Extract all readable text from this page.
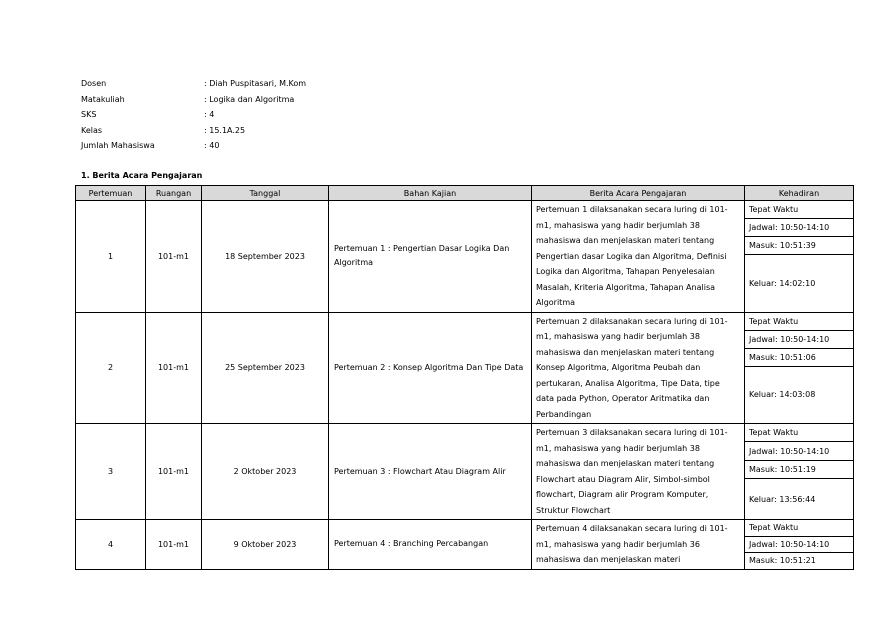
Dosen	: Diah Puspitasari, M.Kom
Matakuliah	: Logika dan Algoritma
SKS	: 4
Kelas	: 15.1A.25
Jumlah Mahasiswa	: 40
1. Berita Acara Pengajaran
Pertemuan	Ruangan	Tanggal	Bahan Kajian	Berita Acara Pengajaran	Kehadiran
1	101-m1	18 September 2023	Pertemuan 1 : Pengertian Dasar Logika Dan Algoritma	Pertemuan 1 dilaksanakan secara luring di 101-m1, mahasiswa yang hadir berjumlah 38 mahasiswa dan menjelaskan materi tentang Pengertian dasar Logika dan Algoritma, Definisi Logika dan Algoritma, Tahapan Penyelesaian Masalah, Kriteria Algoritma, Tahapan Analisa Algoritma	Tepat Waktu
					Jadwal: 10:50-14:10
					Masuk: 10:51:39
					Keluar: 14:02:10
2	101-m1	25 September 2023	Pertemuan 2 : Konsep Algoritma Dan Tipe Data	Pertemuan 2 dilaksanakan secara luring di 101-m1, mahasiswa yang hadir berjumlah 38 mahasiswa dan menjelaskan materi tentang Konsep Algoritma, Algoritma Peubah dan pertukaran, Analisa Algoritma, Tipe Data, tipe data pada Python, Operator Aritmatika dan Perbandingan	Tepat Waktu
					Jadwal: 10:50-14:10
					Masuk: 10:51:06
					Keluar: 14:03:08
3	101-m1	2 Oktober 2023	Pertemuan 3 : Flowchart Atau Diagram Alir	Pertemuan 3 dilaksanakan secara luring di 101-m1, mahasiswa yang hadir berjumlah 38 mahasiswa dan menjelaskan materi tentang Flowchart atau Diagram Alir, Simbol-simbol flowchart, Diagram alir Program Komputer, Struktur Flowchart	Tepat Waktu
					Jadwal: 10:50-14:10
					Masuk: 10:51:19
					Keluar: 13:56:44
4	101-m1	9 Oktober 2023	Pertemuan 4 : Branching Percabangan	Pertemuan 4 dilaksanakan secara luring di 101-m1, mahasiswa yang hadir berjumlah 36 mahasiswa dan menjelaskan materi	Tepat Waktu
					Jadwal: 10:50-14:10
					Masuk: 10:51:21
